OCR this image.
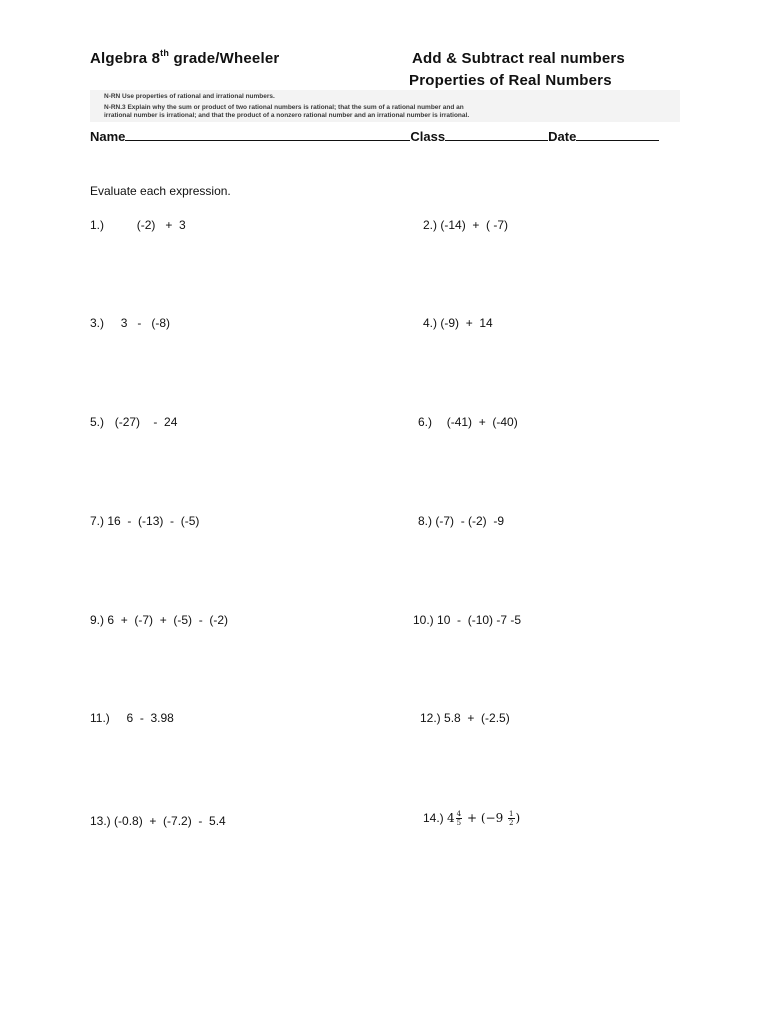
Algebra 8th grade/Wheeler	Add & Subtract real numbers
Properties of Real Numbers
N-RN Use properties of rational and irrational numbers.
N-RN.3 Explain why the sum or product of two rational numbers is rational; that the sum of a rational number and an
irrational number is irrational; and that the product of a nonzero rational number and an irrational number is irrational.
Name	Class	Date
Evaluate each expression.
1.)	(-2)   +  3
3.) 3   -   (-8)
5.) (-27)    -  24
7.) 16  -  (-13)  -  (-5)
9.) 6  +  (-7)  +  (-5)  -  (-2)
11.) 6  -  3.98
13.) (-0.8)  +  (-7.2)  -  5.4
2.) (-14)  +  ( -7)
4.) (-9)  +  14
6.) (-41)  +  (-40)
8.) (-7)  - (-2)  -9
10.) 10  -  (-10) -7 -5
12.) 5.8  +  (-2.5)
14.) $4 \frac{4}{5} + (-9 \frac{1}{2}$ )
